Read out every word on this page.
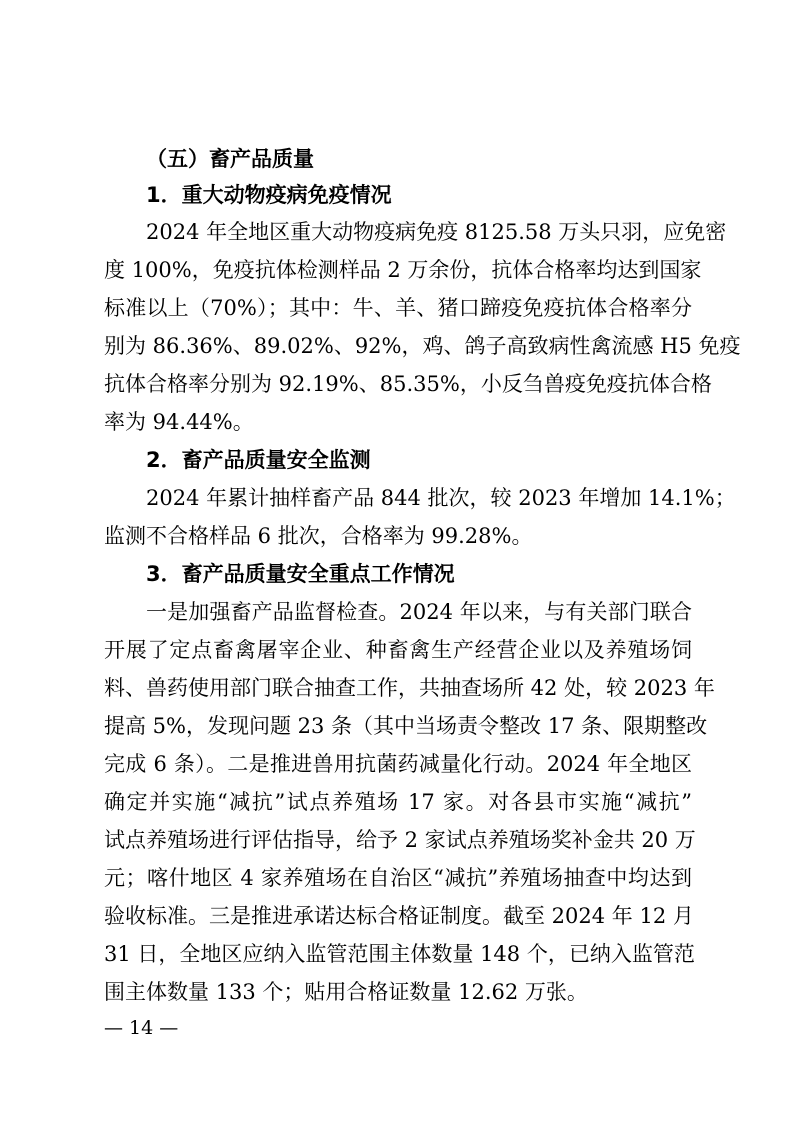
（五）畜产品质量
1．重大动物疫病免疫情况
2024 年全地区重大动物疫病免疫 8125.58 万头只羽，应免密
度 100%，免疫抗体检测样品 2 万余份，抗体合格率均达到国家
标准以上（70%）；其中：牛、羊、猪口蹄疫免疫抗体合格率分
别为 86.36%、89.02%、92%，鸡、鸽子高致病性禽流感 H5 免疫
抗体合格率分别为 92.19%、85.35%，小反刍兽疫免疫抗体合格
率为 94.44%。
2．畜产品质量安全监测
2024 年累计抽样畜产品 844 批次，较 2023 年增加 14.1%；
监测不合格样品 6 批次，合格率为 99.28%。
3．畜产品质量安全重点工作情况
一是加强畜产品监督检查。2024 年以来，与有关部门联合
开展了定点畜禽屠宰企业、种畜禽生产经营企业以及养殖场饲
料、兽药使用部门联合抽查工作，共抽查场所 42 处，较 2023 年
提高 5%，发现问题 23 条（其中当场责令整改 17 条、限期整改
完成 6 条）。二是推进兽用抗菌药减量化行动。2024 年全地区
确定并实施“减抗”试点养殖场 17 家。对各县市实施“减抗”
试点养殖场进行评估指导，给予 2 家试点养殖场奖补金共 20 万
元；喀什地区 4 家养殖场在自治区“减抗”养殖场抽查中均达到
验收标准。三是推进承诺达标合格证制度。截至 2024 年 12 月
31 日，全地区应纳入监管范围主体数量 148 个，已纳入监管范
围主体数量 133 个；贴用合格证数量 12.62 万张。
— 14 —
